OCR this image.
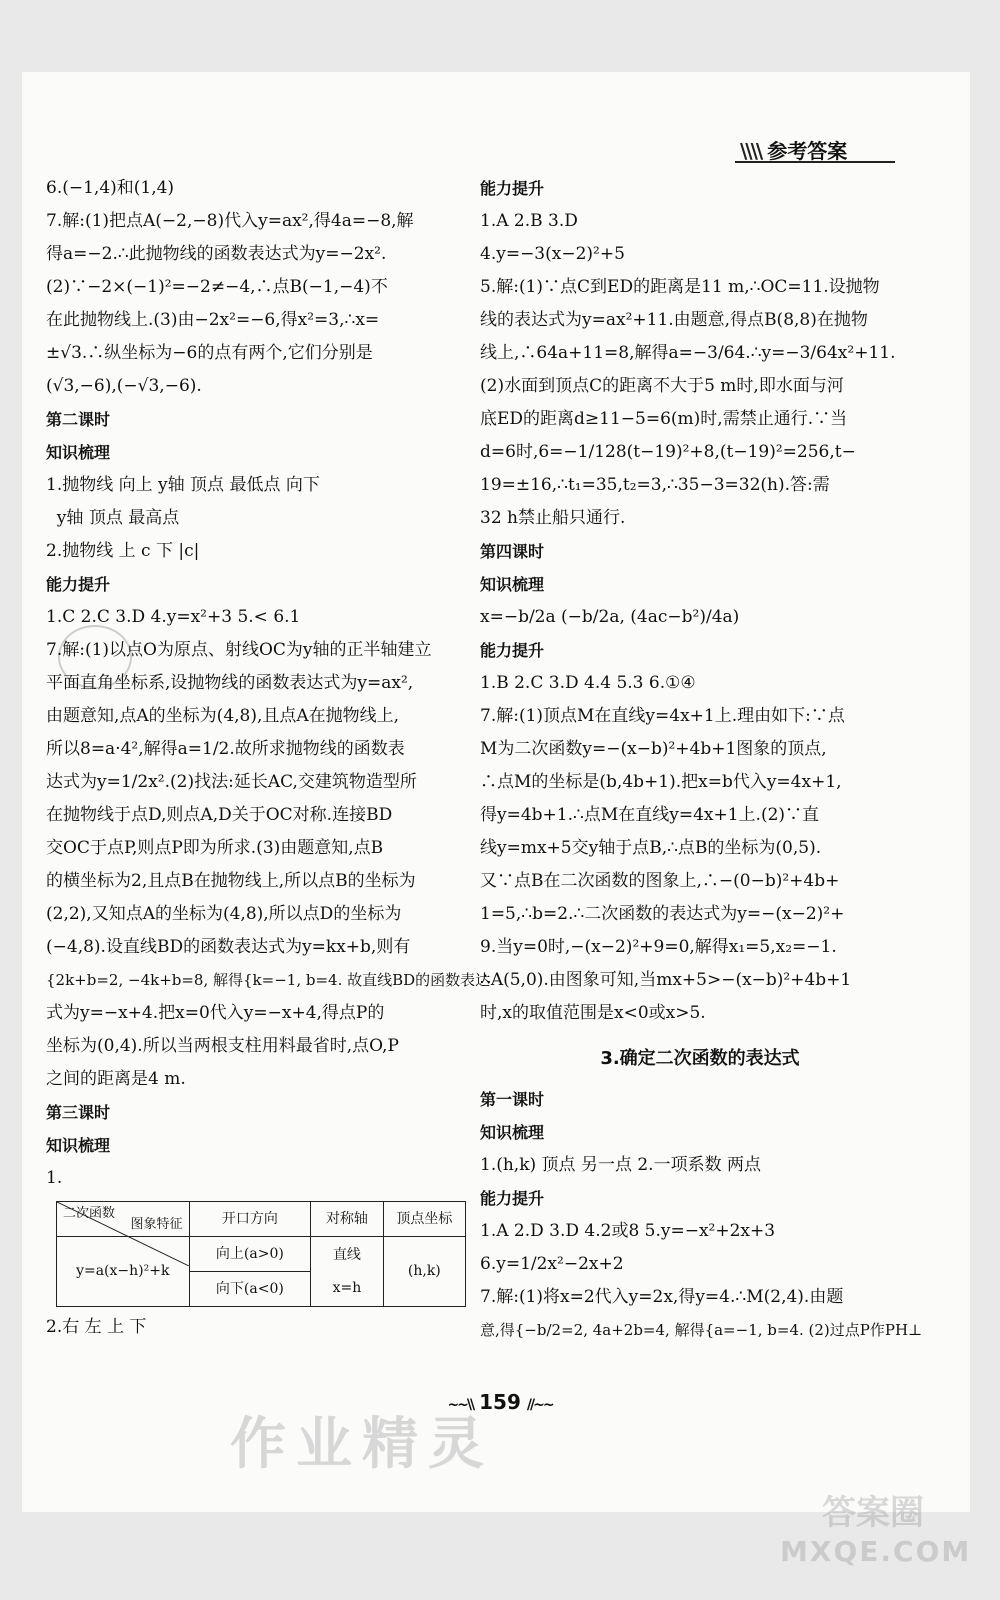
\\\\ 参考答案
6.(−1,4)和(1,4)
7.解:(1)把点A(−2,−8)代入y=ax²,得4a=−8,解
得a=−2.∴此抛物线的函数表达式为y=−2x².
(2)∵−2×(−1)²=−2≠−4,∴点B(−1,−4)不
在此抛物线上.(3)由−2x²=−6,得x²=3,∴x=
±√3.∴纵坐标为−6的点有两个,它们分别是
(√3,−6),(−√3,−6).
第二课时
知识梳理
1.抛物线 向上 y轴 顶点 最低点 向下
y轴 顶点 最高点
2.抛物线 上 c 下 |c|
能力提升
1.C 2.C 3.D 4.y=x²+3 5.< 6.1
7.解:(1)以点O为原点、射线OC为y轴的正半轴建立
平面直角坐标系,设抛物线的函数表达式为y=ax²,
由题意知,点A的坐标为(4,8),且点A在抛物线上,
所以8=a·4²,解得a=1/2.故所求抛物线的函数表
达式为y=1/2x².(2)找法:延长AC,交建筑物造型所
在抛物线于点D,则点A,D关于OC对称.连接BD
交OC于点P,则点P即为所求.(3)由题意知,点B
的横坐标为2,且点B在抛物线上,所以点B的坐标为
(2,2),又知点A的坐标为(4,8),所以点D的坐标为
(−4,8).设直线BD的函数表达式为y=kx+b,则有
{2k+b=2, −4k+b=8, 解得{k=−1, b=4. 故直线BD的函数表达
式为y=−x+4.把x=0代入y=−x+4,得点P的
坐标为(0,4).所以当两根支柱用料最省时,点O,P
之间的距离是4 m.
第三课时
知识梳理
1.
图象特征
二次函数	开口方向	对称轴	顶点坐标
y=a(x−h)²+k	向上(a>0)	直线 x=h	(h,k)
	向下(a<0)		
2.右 左 上 下
能力提升
1.A 2.B 3.D
4.y=−3(x−2)²+5
5.解:(1)∵点C到ED的距离是11 m,∴OC=11.设抛物
线的表达式为y=ax²+11.由题意,得点B(8,8)在抛物
线上,∴64a+11=8,解得a=−3/64.∴y=−3/64x²+11.
(2)水面到顶点C的距离不大于5 m时,即水面与河
底ED的距离d≥11−5=6(m)时,需禁止通行.∵当
d=6时,6=−1/128(t−19)²+8,(t−19)²=256,t−
19=±16,∴t₁=35,t₂=3,∴35−3=32(h).答:需
32 h禁止船只通行.
第四课时
知识梳理
x=−b/2a (−b/2a, (4ac−b²)/4a)
能力提升
1.B 2.C 3.D 4.4 5.3 6.①④
7.解:(1)顶点M在直线y=4x+1上.理由如下:∵点
M为二次函数y=−(x−b)²+4b+1图象的顶点,
∴点M的坐标是(b,4b+1).把x=b代入y=4x+1,
得y=4b+1.∴点M在直线y=4x+1上.(2)∵直
线y=mx+5交y轴于点B,∴点B的坐标为(0,5).
又∵点B在二次函数的图象上,∴−(0−b)²+4b+
1=5,∴b=2.∴二次函数的表达式为y=−(x−2)²+
9.当y=0时,−(x−2)²+9=0,解得x₁=5,x₂=−1.
∴A(5,0).由图象可知,当mx+5>−(x−b)²+4b+1
时,x的取值范围是x<0或x>5.
3.确定二次函数的表达式
第一课时
知识梳理
1.(h,k) 顶点 另一点 2.一项系数 两点
能力提升
1.A 2.D 3.D 4.2或8 5.y=−x²+2x+3
6.y=1/2x²−2x+2
7.解:(1)将x=2代入y=2x,得y=4.∴M(2,4).由题
意,得{−b/2=2, 4a+2b=4, 解得{a=−1, b=4. (2)过点P作PH⊥
~~\\ 159 //~~
作业精灵
答案圈
MXQE.COM
